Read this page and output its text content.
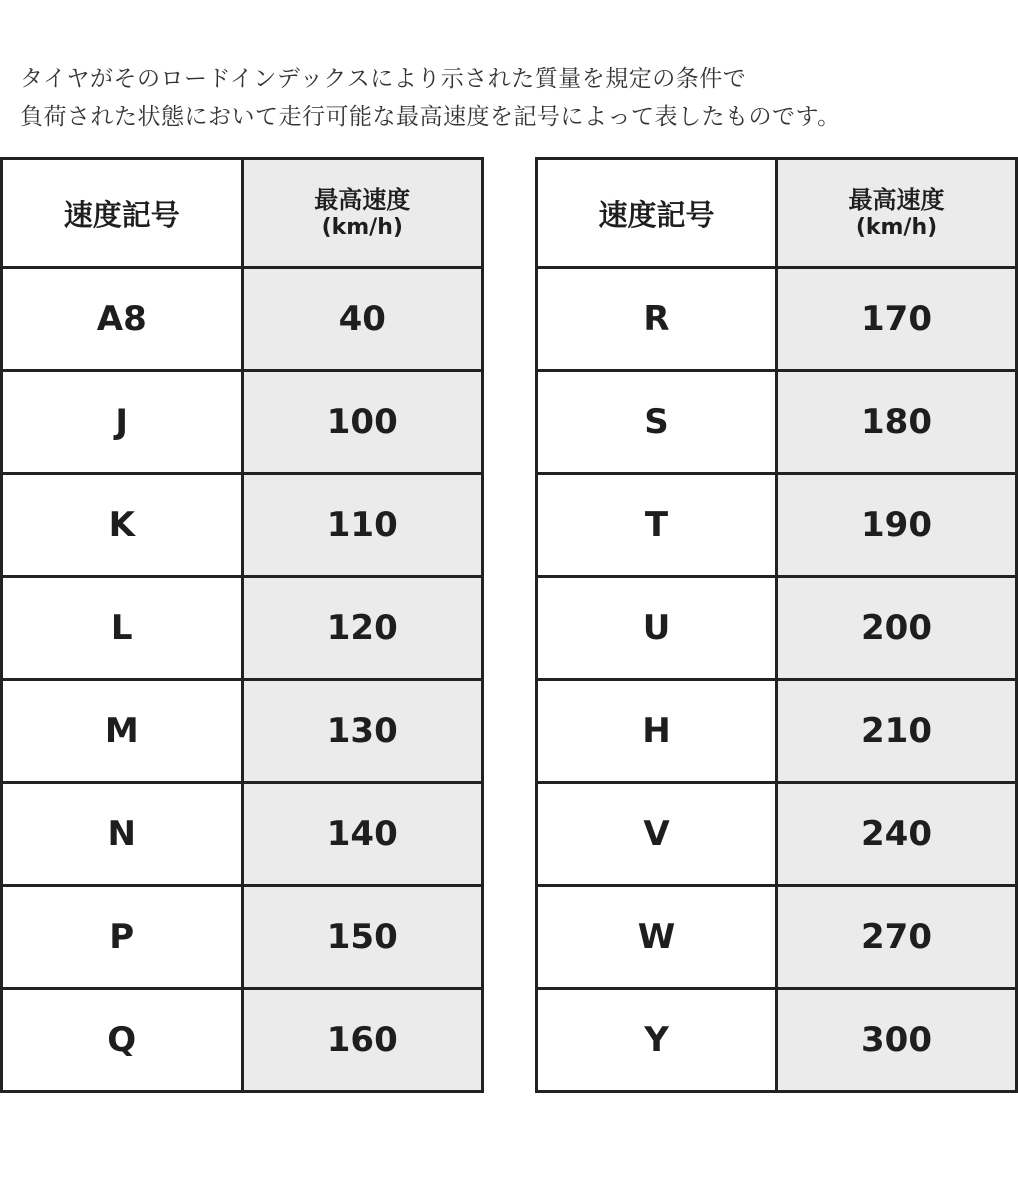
タイヤがそのロードインデックスにより示された質量を規定の条件で
負荷された状態において走行可能な最高速度を記号によって表したものです。
速度記号	最高速度
(km/h)

A8	40
J	100
K	110
L	120
M	130
N	140
P	150
Q	160
速度記号	最高速度
(km/h)

R	170
S	180
T	190
U	200
H	210
V	240
W	270
Y	300
